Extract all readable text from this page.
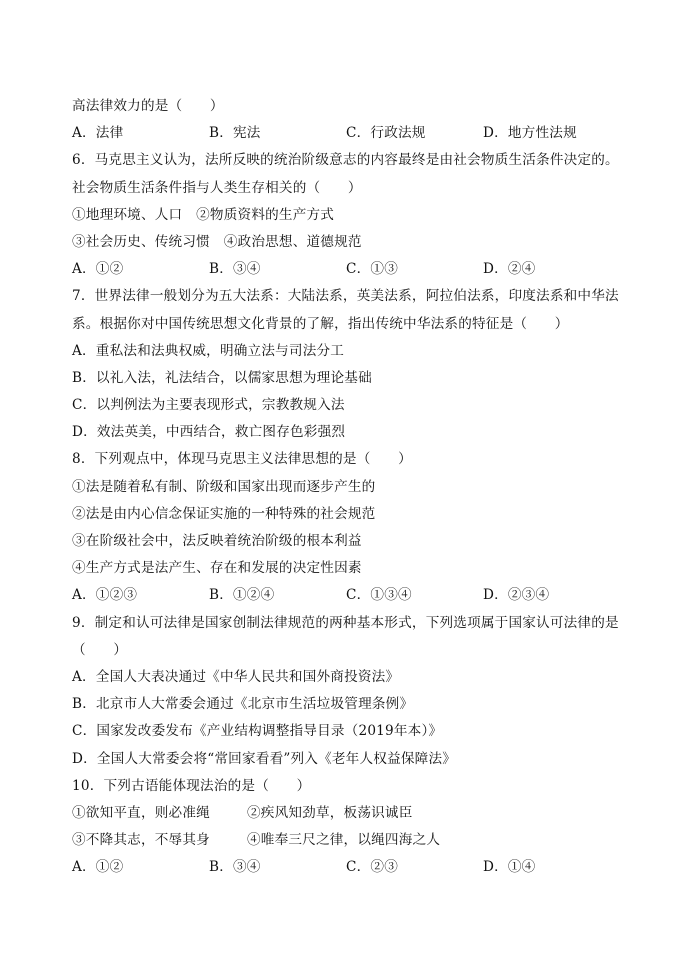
高法律效力的是（　　）
A．法律	B．宪法	C．行政法规	D．地方性法规
6．马克思主义认为，法所反映的统治阶级意志的内容最终是由社会物质生活条件决定的。
社会物质生活条件指与人类生存相关的（　　）
①地理环境、人口　②物质资料的生产方式
③社会历史、传统习惯　④政治思想、道德规范
A．①②	B．③④	C．①③	D．②④
7．世界法律一般划分为五大法系：大陆法系，英美法系，阿拉伯法系，印度法系和中华法
系。根据你对中国传统思想文化背景的了解，指出传统中华法系的特征是（　　）
A．重私法和法典权威，明确立法与司法分工
B．以礼入法，礼法结合，以儒家思想为理论基础
C．以判例法为主要表现形式，宗教教规入法
D．效法英美，中西结合，救亡图存色彩强烈
8．下列观点中，体现马克思主义法律思想的是（　　）
①法是随着私有制、阶级和国家出现而逐步产生的
②法是由内心信念保证实施的一种特殊的社会规范
③在阶级社会中，法反映着统治阶级的根本利益
④生产方式是法产生、存在和发展的决定性因素
A．①②③	B．①②④	C．①③④	D．②③④
9．制定和认可法律是国家创制法律规范的两种基本形式，下列选项属于国家认可法律的是
（　　）
A．全国人大表决通过《中华人民共和国外商投资法》
B．北京市人大常委会通过《北京市生活垃圾管理条例》
C．国家发改委发布《产业结构调整指导目录（2019年本）》
D．全国人大常委会将“常回家看看”列入《老年人权益保障法》
10．下列古语能体现法治的是（　　）
①欲知平直，则必准绳	②疾风知劲草，板荡识诚臣
③不降其志，不辱其身	④唯奉三尺之律，以绳四海之人
A．①②	B．③④	C．②③	D．①④
